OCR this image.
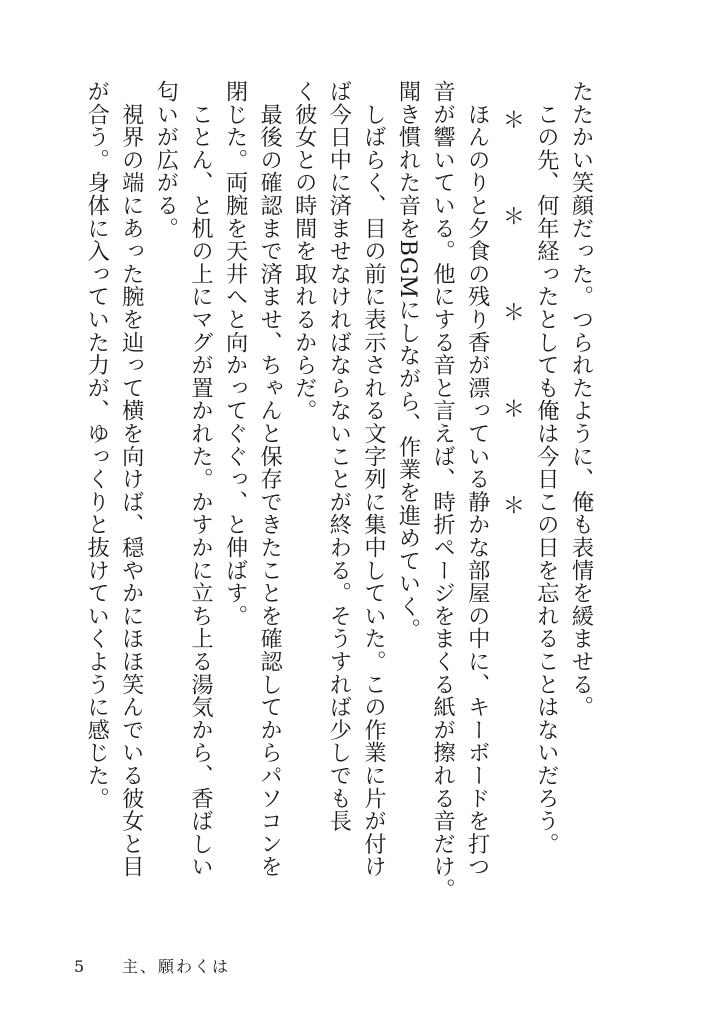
たたかい笑顔だった。つられたように、俺も表情を緩ませる。
　この先、何年経ったとしても俺は今日この日を忘れることはないだろう。
＊　＊　＊　＊　＊
　ほんのりと夕食の残り香が漂っている静かな部屋の中に、キーボードを打つ
音が響いている。他にする音と言えば、時折ページをまくる紙が擦れる音だけ。
聞き慣れた音をBGMにしながら、作業を進めていく。
　しばらく、目の前に表示される文字列に集中していた。この作業に片が付け
ば今日中に済ませなければならないことが終わる。そうすれば少しでも長
く彼女との時間を取れるからだ。
　最後の確認まで済ませ、ちゃんと保存できたことを確認してからパソコンを
閉じた。両腕を天井へと向かってぐぐっ、と伸ばす。
　ことん、と机の上にマグが置かれた。かすかに立ち上る湯気から、香ばしい
匂いが広がる。
　視界の端にあった腕を辿って横を向けば、穏やかにほほ笑んでいる彼女と目
が合う。身体に入っていた力が、ゆっくりと抜けていくように感じた。
5	主、願わくは
